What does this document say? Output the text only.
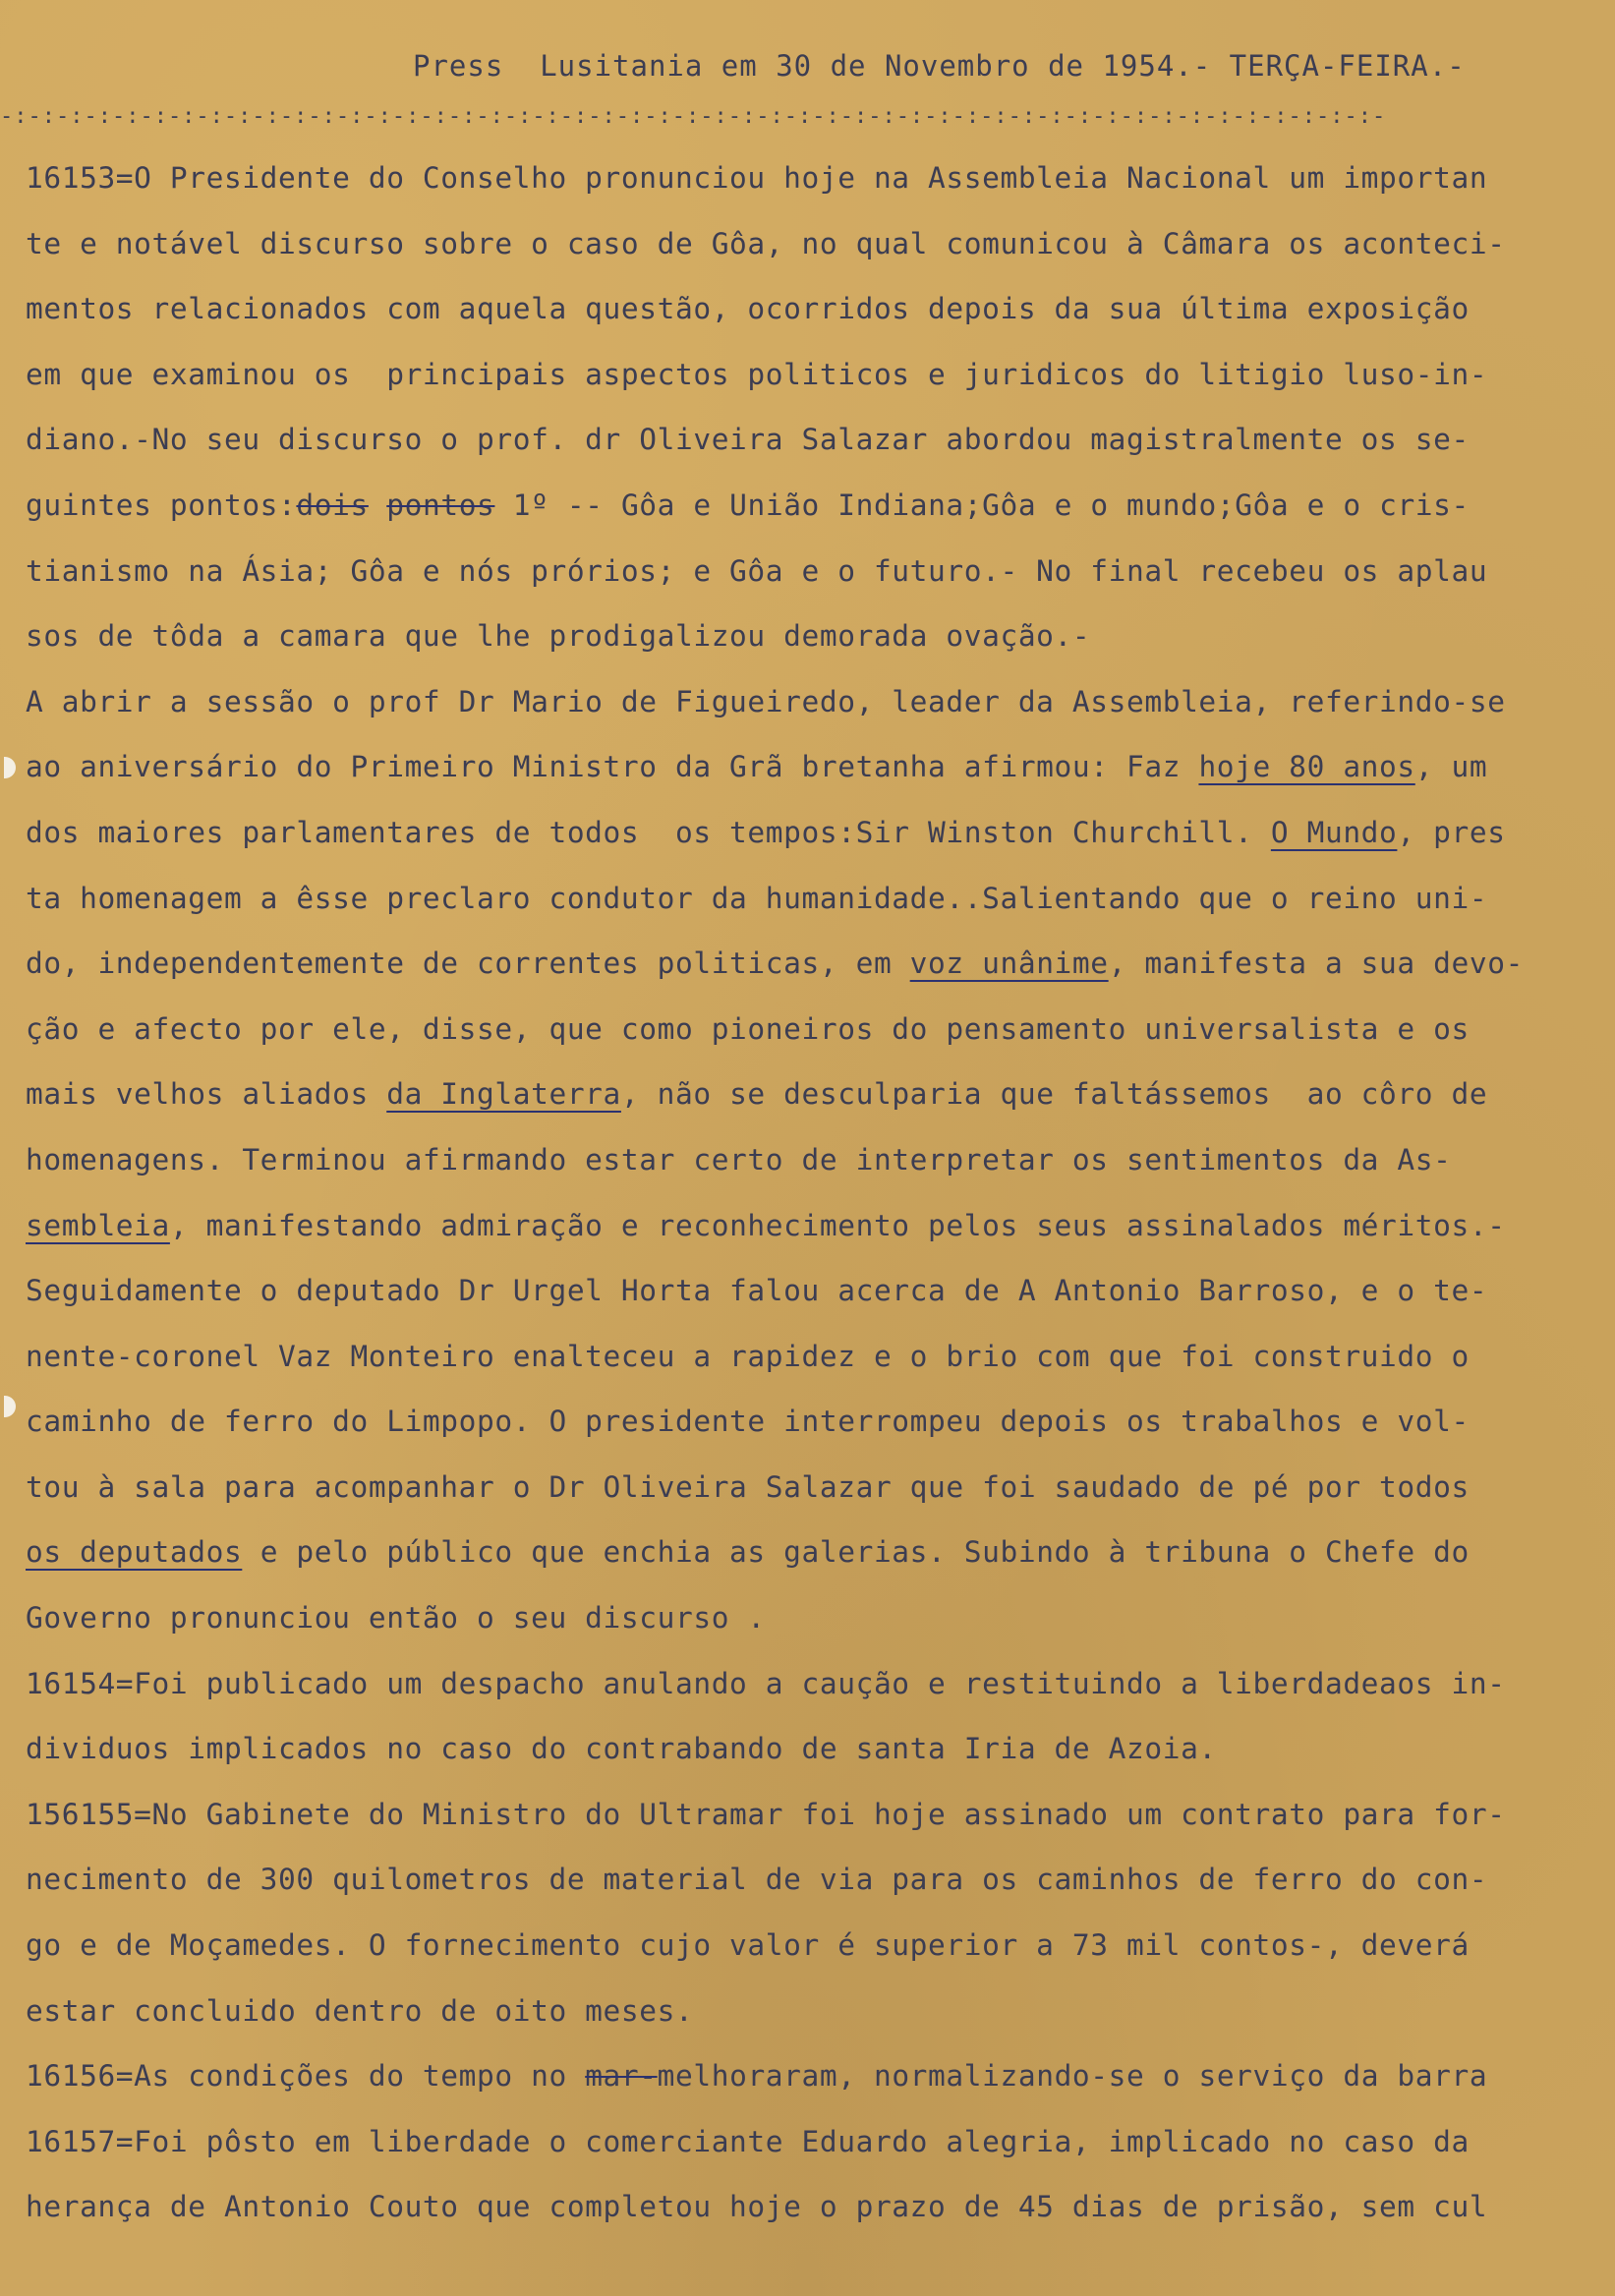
Press  Lusitania em 30 de Novembro de 1954.- TERÇA-FEIRA.-
-:-:-:-:-:-:-:-:-:-:-:-:-:-:-:-:-:-:-:-:-:-:-:-:-:-:-:-:-:-:-:-:-:-:-:-:-:-:-:-:-:-:-:-:-:-:-:-:-:-
16153=O Presidente do Conselho pronunciou hoje na Assembleia Nacional um importan
te e notável discurso sobre o caso de Gôa, no qual comunicou à Câmara os aconteci-
mentos relacionados com aquela questão, ocorridos depois da sua última exposição
em que examinou os  principais aspectos politicos e juridicos do litigio luso-in-
diano.-No seu discurso o prof. dr Oliveira Salazar abordou magistralmente os se-
guintes pontos:dois pontos 1º -- Gôa e União Indiana;Gôa e o mundo;Gôa e o cris-
tianismo na Ásia; Gôa e nós prórios; e Gôa e o futuro.- No final recebeu os aplau
sos de tôda a camara que lhe prodigalizou demorada ovação.-
A abrir a sessão o prof Dr Mario de Figueiredo, leader da Assembleia, referindo-se
ao aniversário do Primeiro Ministro da Grã bretanha afirmou: Faz hoje 80 anos, um
dos maiores parlamentares de todos  os tempos:Sir Winston Churchill. O Mundo, pres
ta homenagem a êsse preclaro condutor da humanidade..Salientando que o reino uni-
do, independentemente de correntes politicas, em voz unânime, manifesta a sua devo-
ção e afecto por ele, disse, que como pioneiros do pensamento universalista e os
mais velhos aliados da Inglaterra, não se desculparia que faltássemos  ao côro de
homenagens. Terminou afirmando estar certo de interpretar os sentimentos da As-
sembleia, manifestando admiração e reconhecimento pelos seus assinalados méritos.-
Seguidamente o deputado Dr Urgel Horta falou acerca de A Antonio Barroso, e o te-
nente-coronel Vaz Monteiro enalteceu a rapidez e o brio com que foi construido o
caminho de ferro do Limpopo. O presidente interrompeu depois os trabalhos e vol-
tou à sala para acompanhar o Dr Oliveira Salazar que foi saudado de pé por todos
os deputados e pelo público que enchia as galerias. Subindo à tribuna o Chefe do
Governo pronunciou então o seu discurso .
16154=Foi publicado um despacho anulando a caução e restituindo a liberdadeaos in-
dividuos implicados no caso do contrabando de santa Iria de Azoia.
156155=No Gabinete do Ministro do Ultramar foi hoje assinado um contrato para for-
necimento de 300 quilometros de material de via para os caminhos de ferro do con-
go e de Moçamedes. O fornecimento cujo valor é superior a 73 mil contos-, deverá
estar concluido dentro de oito meses.
16156=As condições do tempo no mar-melhoraram, normalizando-se o serviço da barra
16157=Foi pôsto em liberdade o comerciante Eduardo alegria, implicado no caso da
herança de Antonio Couto que completou hoje o prazo de 45 dias de prisão, sem cul
